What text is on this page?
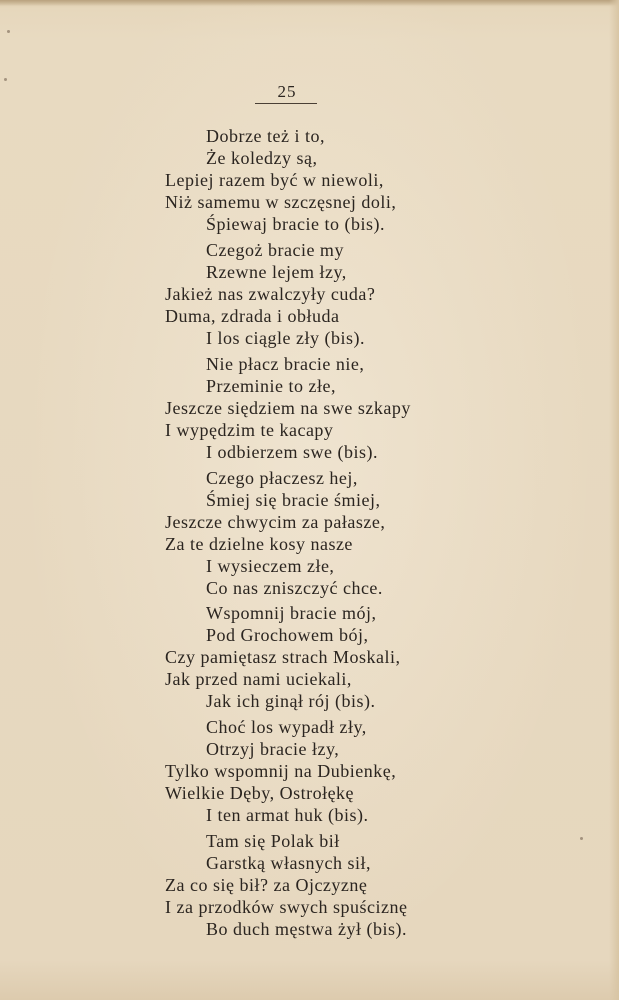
25
Dobrze też i to,
Że koledzy są,
Lepiej razem być w niewoli,
Niż samemu w szczęsnej doli,
Śpiewaj bracie to (bis).
Czegoż bracie my
Rzewne lejem łzy,
Jakież nas zwalczyły cuda?
Duma, zdrada i obłuda
I los ciągle zły (bis).
Nie płacz bracie nie,
Przeminie to złe,
Jeszcze siędziem na swe szkapy
I wypędzim te kacapy
I odbierzem swe (bis).
Czego płaczesz hej,
Śmiej się bracie śmiej,
Jeszcze chwycim za pałasze,
Za te dzielne kosy nasze
I wysieczem złe,
Co nas zniszczyć chce.
Wspomnij bracie mój,
Pod Grochowem bój,
Czy pamiętasz strach Moskali,
Jak przed nami uciekali,
Jak ich ginął rój (bis).
Choć los wypadł zły,
Otrzyj bracie łzy,
Tylko wspomnij na Dubienkę,
Wielkie Dęby, Ostrołękę
I ten armat huk (bis).
Tam się Polak bił
Garstką własnych sił,
Za co się bił? za Ojczyznę
I za przodków swych spuściznę
Bo duch męstwa żył (bis).
